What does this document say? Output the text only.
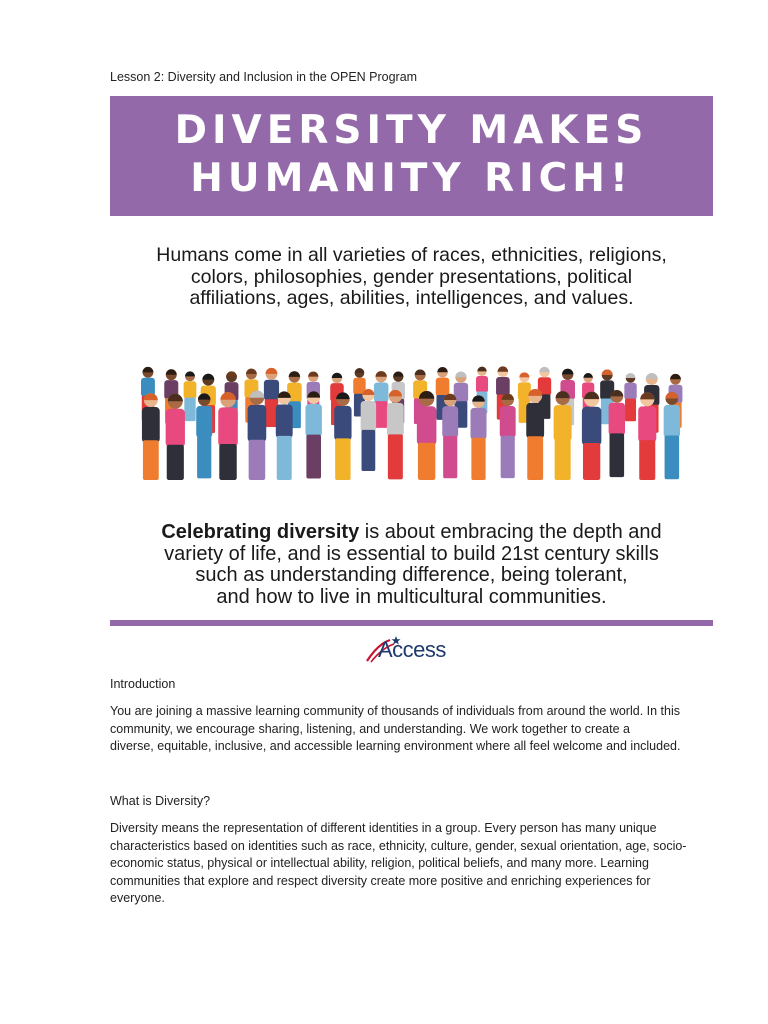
Lesson 2: Diversity and Inclusion in the OPEN Program
DIVERSITY MAKES
HUMANITY RICH!
Humans come in all varieties of races, ethnicities, religions,
colors, philosophies, gender presentations, political
affiliations, ages, abilities, intelligences, and values.
Celebrating diversity is about embracing the depth and
variety of life, and is essential to build 21st century skills
such as understanding difference, being tolerant,
and how to live in multicultural communities.
Access
Introduction
You are joining a massive learning community of thousands of individuals from around the world. In this
community, we encourage sharing, listening, and understanding. We work together to create a
diverse, equitable, inclusive, and accessible learning environment where all feel welcome and included.
What is Diversity?
Diversity means the representation of different identities in a group. Every person has many unique
characteristics based on identities such as race, ethnicity, culture, gender, sexual orientation, age, socio-
economic status, physical or intellectual ability, religion, political beliefs, and many more. Learning
communities that explore and respect diversity create more positive and enriching experiences for
everyone.
